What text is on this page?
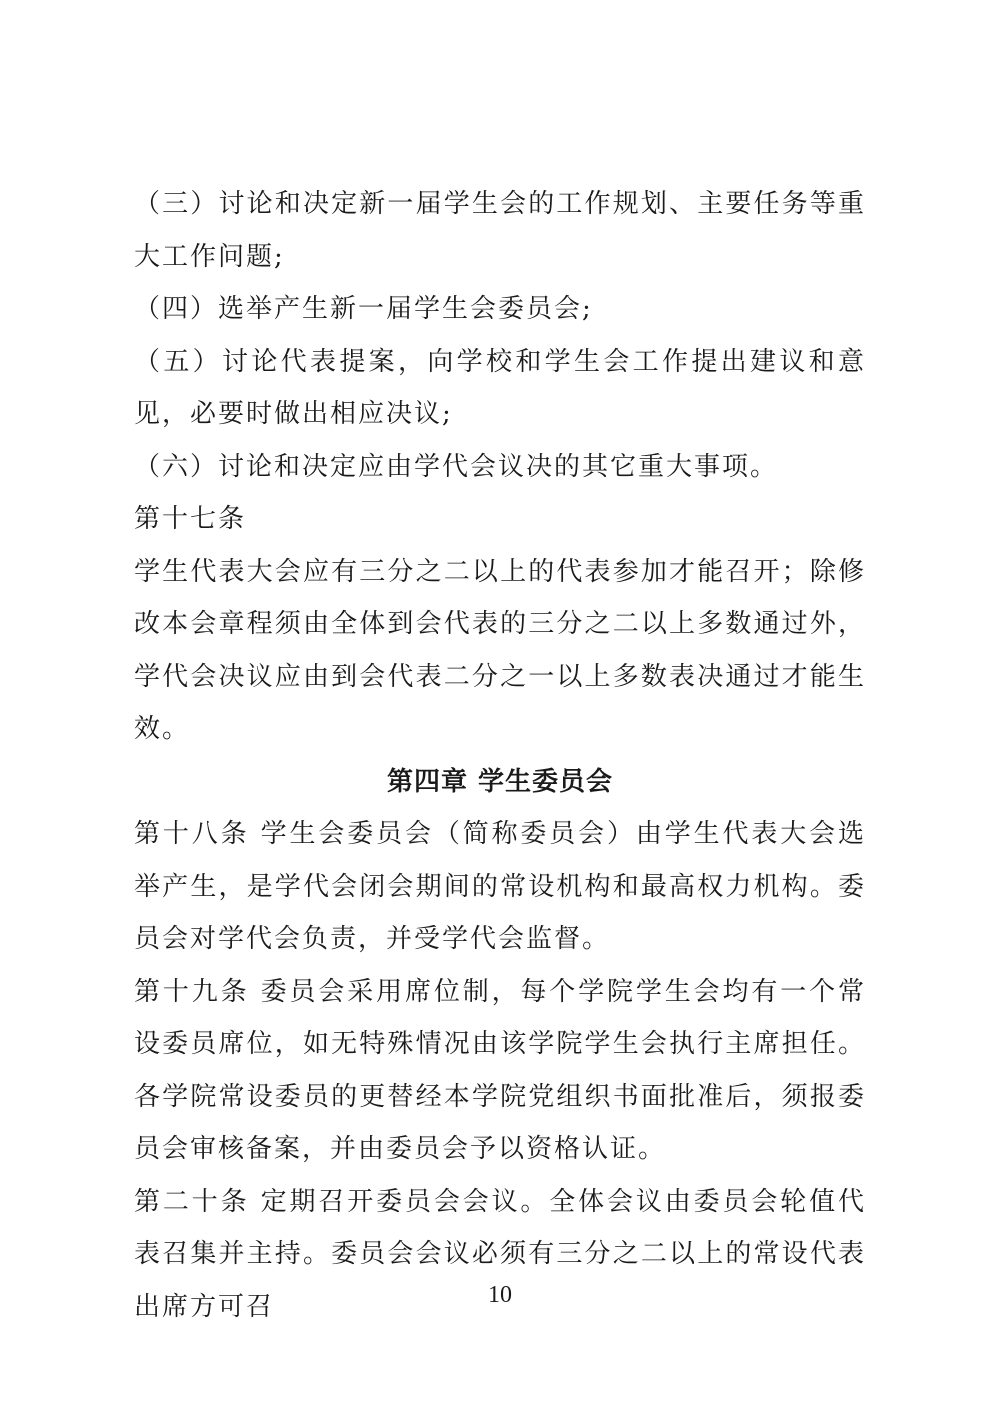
（三）讨论和决定新一届学生会的工作规划、主要任务等重大工作问题;

（四）选举产生新一届学生会委员会;

（五）讨论代表提案，向学校和学生会工作提出建议和意见，必要时做出相应决议;

（六）讨论和决定应由学代会议决的其它重大事项。

第十七条

学生代表大会应有三分之二以上的代表参加才能召开；除修改本会章程须由全体到会代表的三分之二以上多数通过外，学代会决议应由到会代表二分之一以上多数表决通过才能生效。

第四章 学生委员会

第十八条 学生会委员会（简称委员会）由学生代表大会选举产生，是学代会闭会期间的常设机构和最高权力机构。委员会对学代会负责，并受学代会监督。

第十九条 委员会采用席位制，每个学院学生会均有一个常设委员席位，如无特殊情况由该学院学生会执行主席担任。各学院常设委员的更替经本学院党组织书面批准后，须报委员会审核备案，并由委员会予以资格认证。

第二十条 定期召开委员会会议。全体会议由委员会轮值代表召集并主持。委员会会议必须有三分之二以上的常设代表出席方可召	10
